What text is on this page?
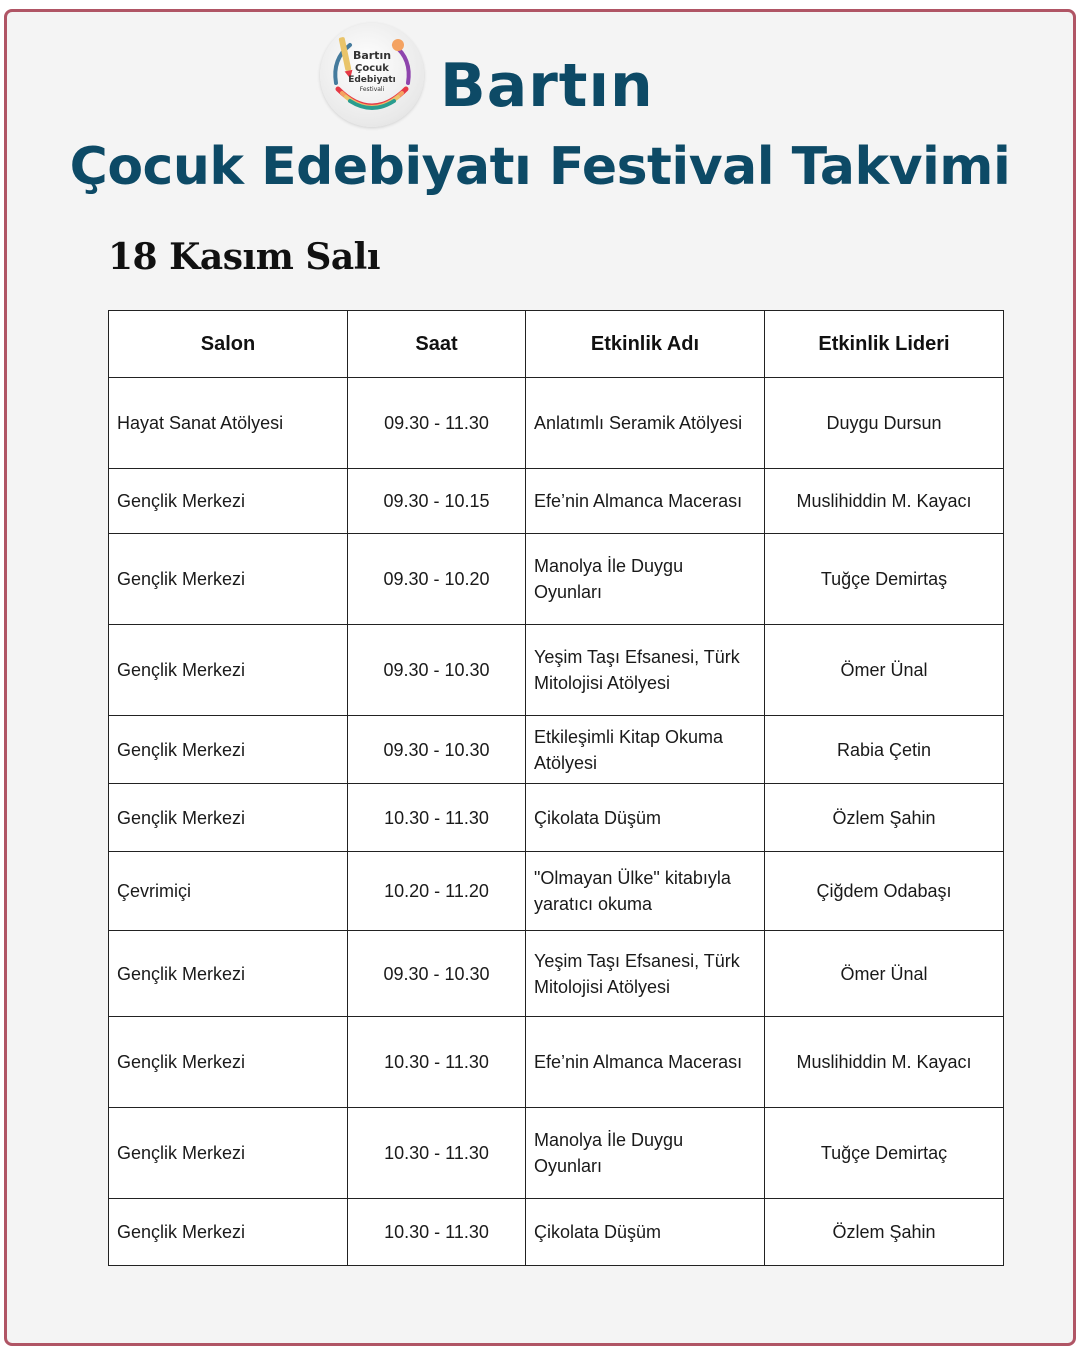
Bartın
Çocuk
Edebiyatı
Festivali Bartın
Çocuk Edebiyatı Festival Takvimi
18 Kasım Salı
Salon	Saat	Etkinlik Adı	Etkinlik Lideri
Hayat Sanat Atölyesi	09.30 - 11.30	Anlatımlı Seramik Atölyesi	Duygu Dursun
Gençlik Merkezi	09.30 - 10.15	Efe’nin Almanca Macerası	Muslihiddin M. Kayacı
Gençlik Merkezi	09.30 - 10.20	Manolya İle Duygu Oyunları	Tuğçe Demirtaş
Gençlik Merkezi	09.30 - 10.30	Yeşim Taşı Efsanesi, Türk Mitolojisi Atölyesi	Ömer Ünal
Gençlik Merkezi	09.30 - 10.30	Etkileşimli Kitap Okuma Atölyesi	Rabia Çetin
Gençlik Merkezi	10.30 - 11.30	Çikolata Düşüm	Özlem Şahin
Çevrimiçi	10.20 - 11.20	"Olmayan Ülke" kitabıyla yaratıcı okuma	Çiğdem Odabaşı
Gençlik Merkezi	09.30 - 10.30	Yeşim Taşı Efsanesi, Türk Mitolojisi Atölyesi	Ömer Ünal
Gençlik Merkezi	10.30 - 11.30	Efe’nin Almanca Macerası	Muslihiddin M. Kayacı
Gençlik Merkezi	10.30 - 11.30	Manolya İle Duygu Oyunları	Tuğçe Demirtaç
Gençlik Merkezi	10.30 - 11.30	Çikolata Düşüm	Özlem Şahin
